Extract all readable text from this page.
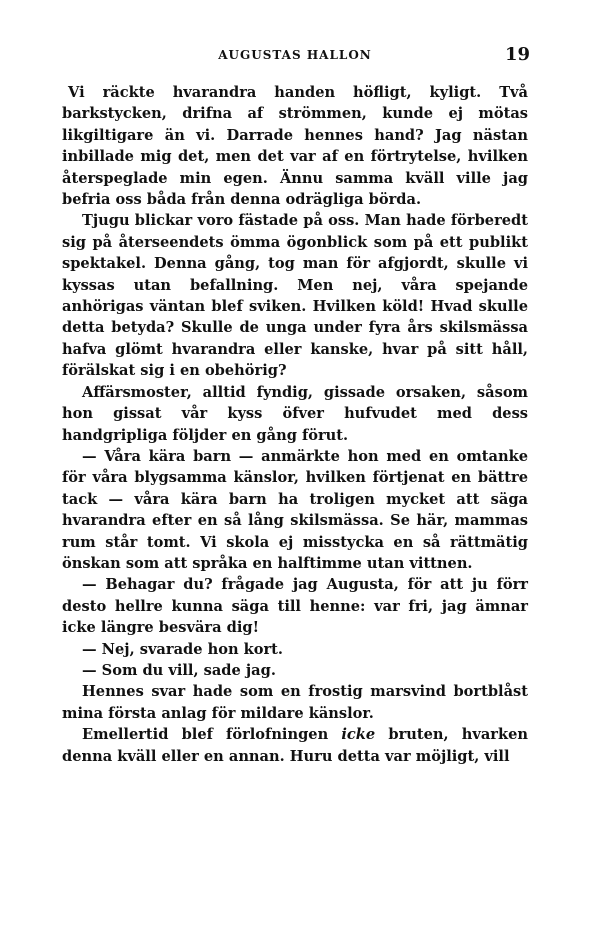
AUGUSTAS HALLON	19

Vi räckte hvarandra handen höfligt, kyligt. Två barkstycken, drifna af strömmen, kunde ej mötas likgiltigare än vi. Darrade hennes hand? Jag nästan inbillade mig det, men det var af en förtrytelse, hvilken återspeglade min egen. Ännu samma kväll ville jag befria oss båda från denna odrägliga börda.

Tjugu blickar voro fästade på oss. Man hade förberedt sig på återseendets ömma ögonblick som på ett publikt spektakel. Denna gång, tog man för afgjordt, skulle vi kyssas utan befallning. Men nej, våra spejande anhörigas väntan blef sviken. Hvilken köld! Hvad skulle detta betyda? Skulle de unga under fyra års skilsmässa hafva glömt hvarandra eller kanske, hvar på sitt håll, förälskat sig i en obehörig?

Affärsmoster, alltid fyndig, gissade orsaken, såsom hon gissat vår kyss öfver hufvudet med dess handgripliga följder en gång förut.

— Våra kära barn — anmärkte hon med en omtanke för våra blygsamma känslor, hvilken förtjenat en bättre tack — våra kära barn ha troligen mycket att säga hvarandra efter en så lång skilsmässa. Se här, mammas rum står tomt. Vi skola ej misstycka en så rättmätig önskan som att språka en halftimme utan vittnen.

— Behagar du? frågade jag Augusta, för att ju förr desto hellre kunna säga till henne: var fri, jag ämnar icke längre besvära dig!

— Nej, svarade hon kort.

— Som du vill, sade jag.

Hennes svar hade som en frostig marsvind bortblåst mina första anlag för mildare känslor.

Emellertid blef förlofningen icke bruten, hvarken denna kväll eller en annan. Huru detta var möjligt, vill
